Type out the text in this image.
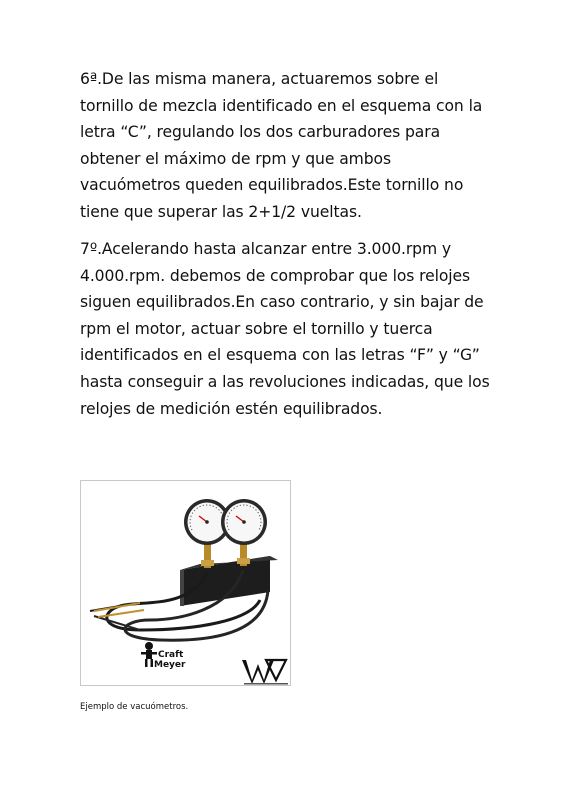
6ª.De las misma manera, actuaremos sobre el tornillo de mezcla identificado en el esquema con la letra “C”, regulando los dos carburadores para obtener el máximo de rpm y que ambos vacuómetros queden equilibrados.Este tornillo no tiene que superar las 2+1/2 vueltas.

7º.Acelerando hasta alcanzar entre 3.000.rpm y 4.000.rpm. debemos de comprobar que los relojes siguen equilibrados.En caso contrario, y sin bajar de rpm el motor, actuar sobre el tornillo y tuerca identificados en el esquema con las letras “F” y “G” hasta conseguir a las revoluciones indicadas, que los relojes de medición estén equilibrados.

Craft
Meyer
Ejemplo de vacuómetros.
